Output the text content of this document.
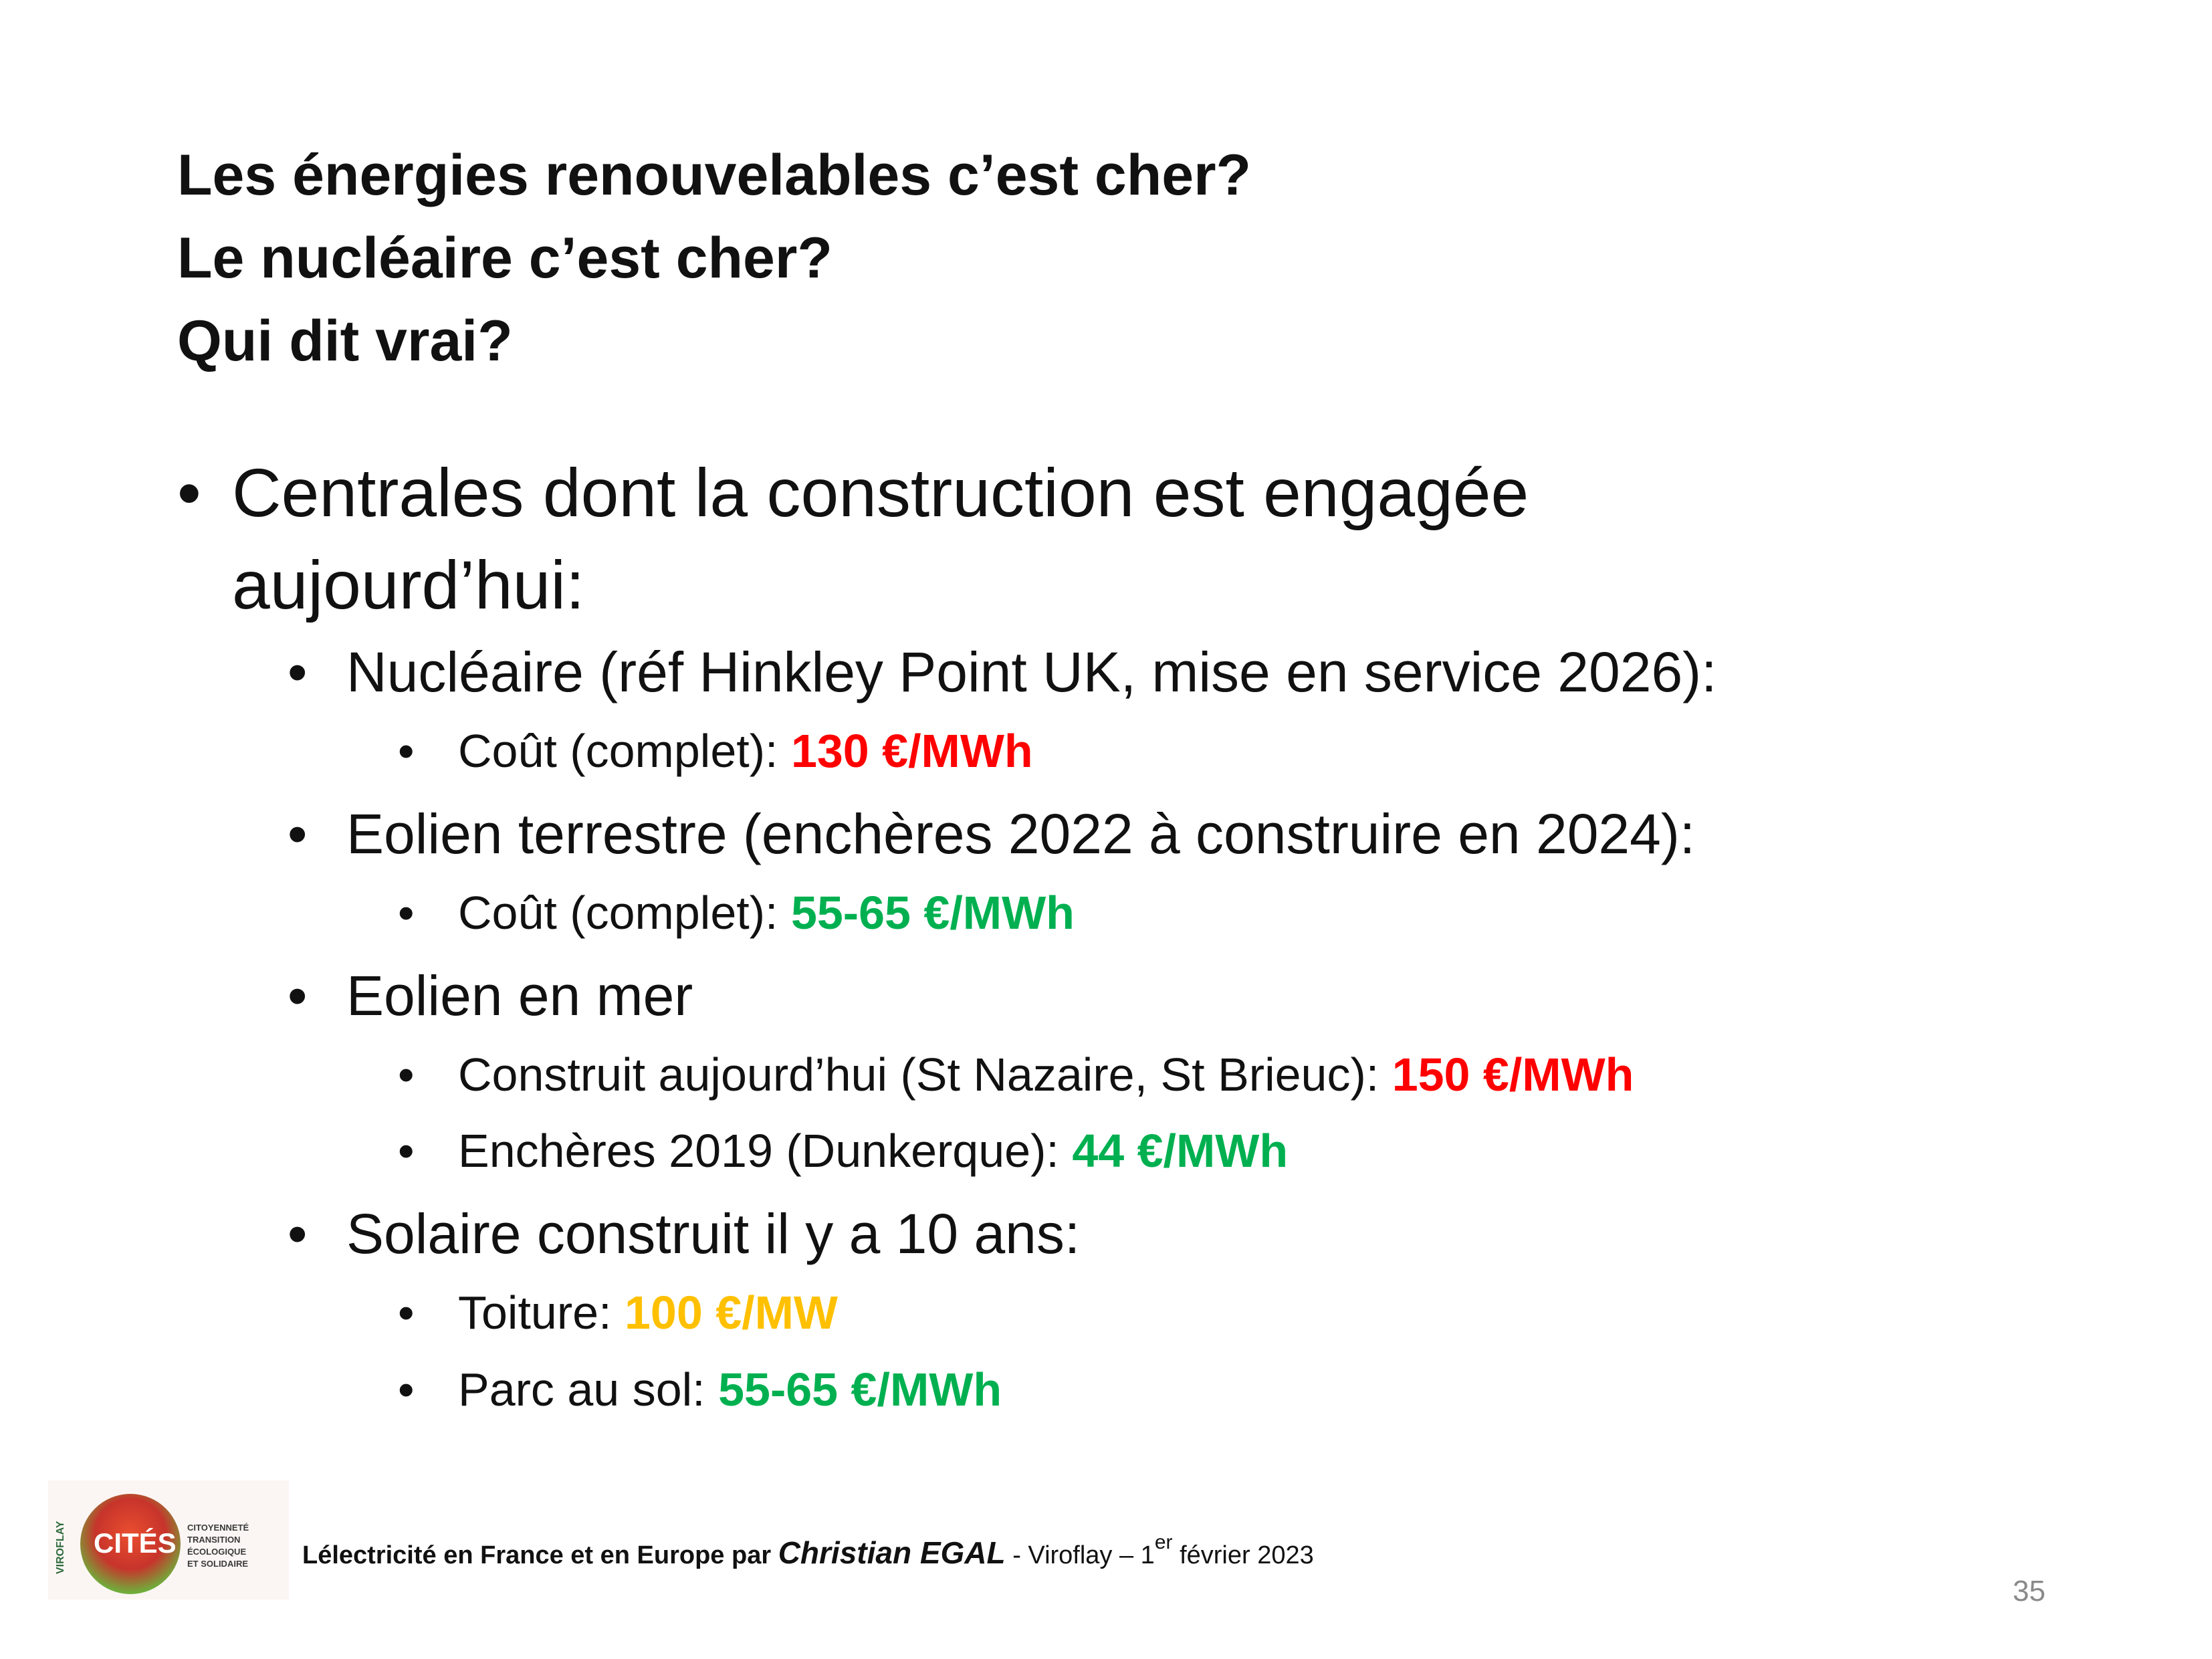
Les énergies renouvelables c’est cher?
Le nucléaire c’est cher?
Qui dit vrai?
• Centrales dont la construction est engagée
aujourd’hui:
• Nucléaire (réf Hinkley Point UK, mise en service 2026):
• Coût (complet): 130 €/MWh
• Eolien terrestre (enchères 2022 à construire en 2024):
• Coût (complet): 55-65 €/MWh
• Eolien en mer
• Construit aujourd’hui (St Nazaire, St Brieuc): 150 €/MWh
• Enchères 2019 (Dunkerque): 44 €/MWh
• Solaire construit il y a 10 ans:
• Toiture: 100 €/MW
• Parc au sol: 55-65 €/MWh
VIROFLAY CITÉS CITOYENNETÉ
TRANSITION ÉCOLOGIQUE
ET SOLIDAIRE	Lélectricité en France et en Europe par Christian EGAL - Viroflay – 1er février 2023
35
